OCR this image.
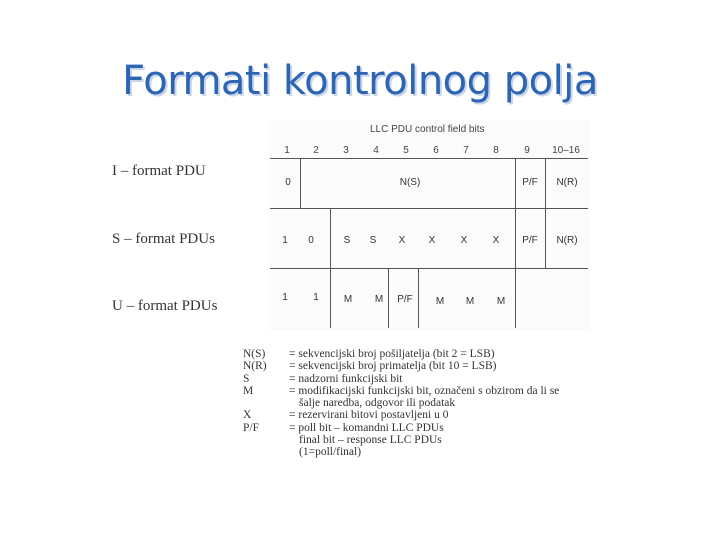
Formati kontrolnog polja
I – format PDU
S – format PDUs
U – format PDUs
LLC PDU control field bits
1	2	3	4	5	6	7	8	9	10–16
0	N(S)	P/F	N(R)
1	0	S	S	X	X	X	X	P/F	N(R)
1	1	M	M	P/F	M	M	M
N(S)	= sekvencijski broj pošiljatelja (bit 2 = LSB)
N(R)	= sekvencijski broj primatelja (bit 10 = LSB)
S	= nadzorni funkcijski bit
M	= modifikacijski funkcijski bit, označeni s obzirom da li se
šalje naredba, odgovor ili podatak
X	= rezervirani bitovi postavljeni u 0
P/F	= poll bit – komandni LLC PDUs
final bit – response LLC PDUs
(1=poll/final)
